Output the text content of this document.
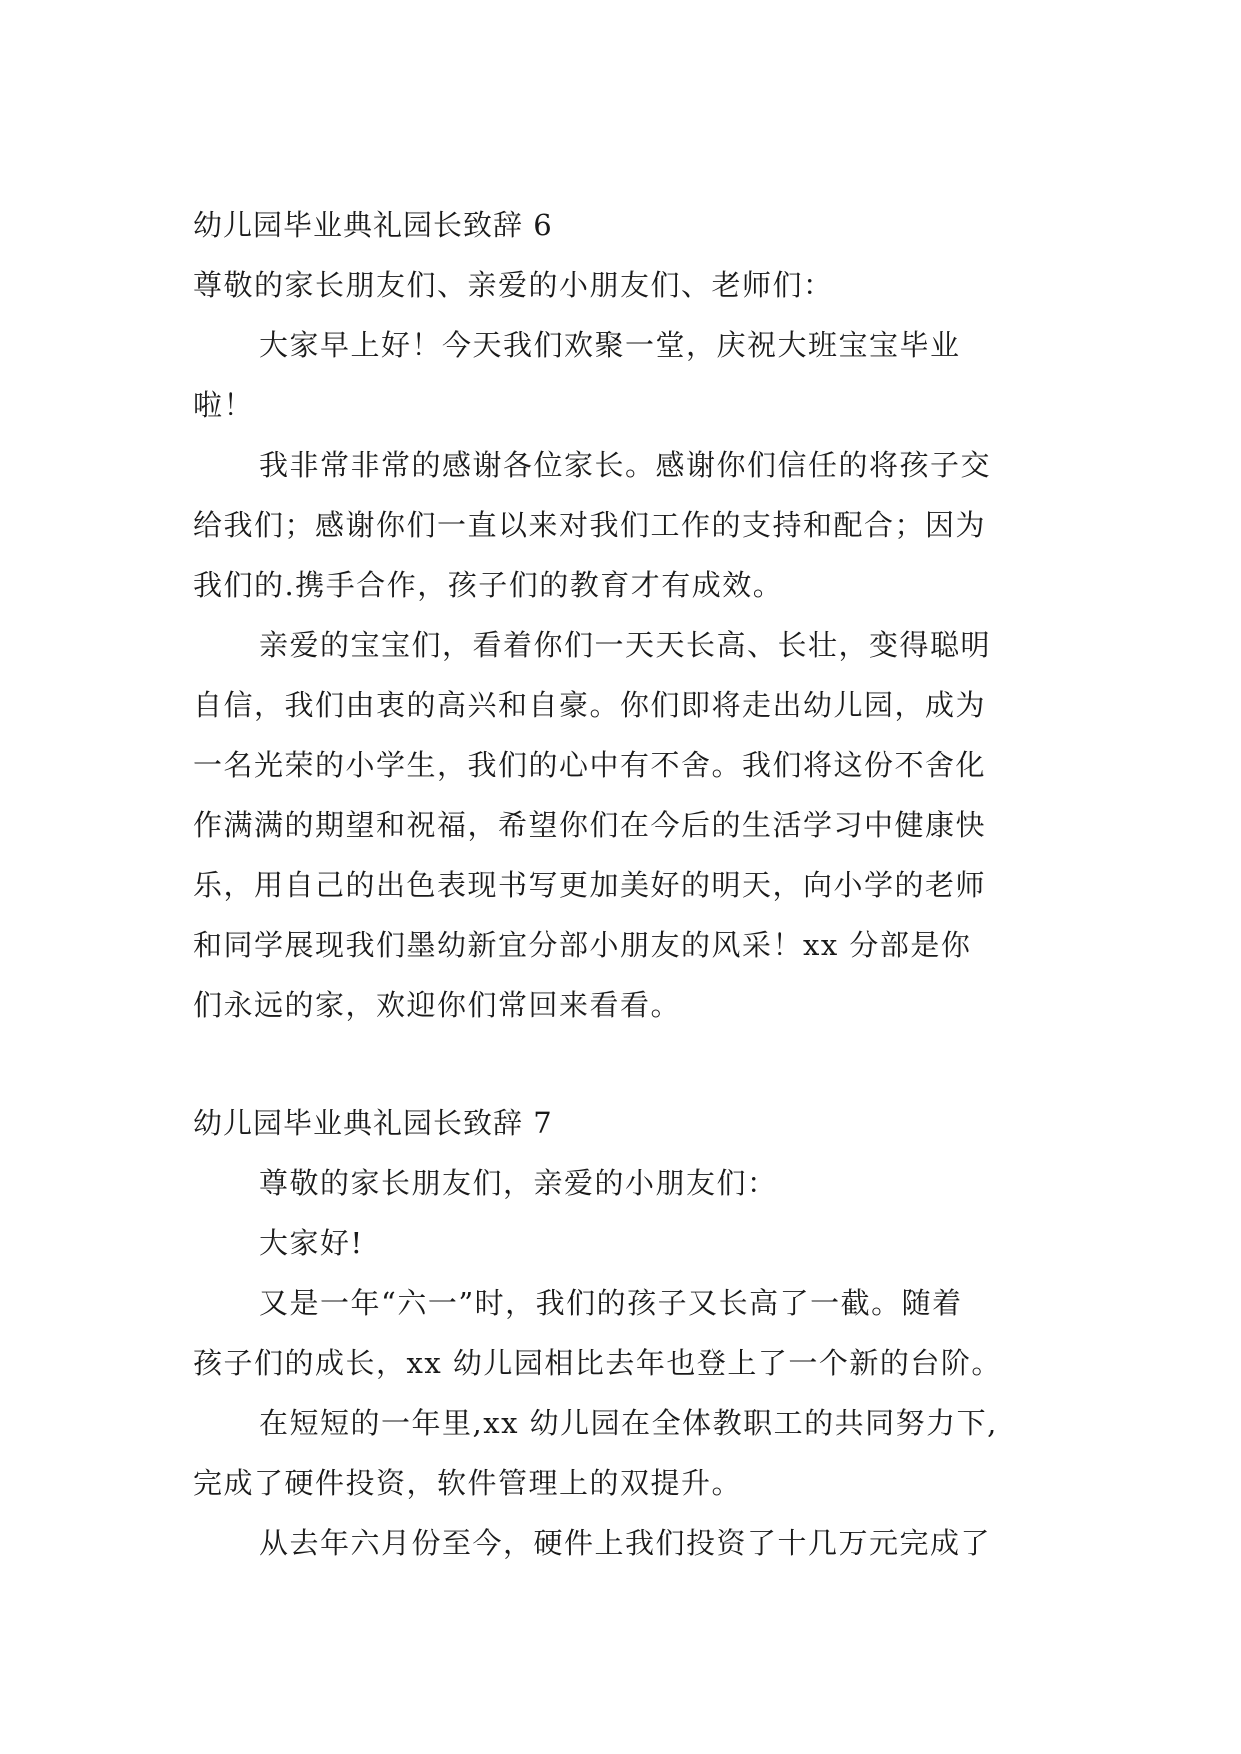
幼儿园毕业典礼园长致辞 6
尊敬的家长朋友们、亲爱的小朋友们、老师们：
大家早上好！今天我们欢聚一堂，庆祝大班宝宝毕业
啦！
我非常非常的感谢各位家长。感谢你们信任的将孩子交
给我们；感谢你们一直以来对我们工作的支持和配合；因为
我们的.携手合作，孩子们的教育才有成效。
亲爱的宝宝们，看着你们一天天长高、长壮，变得聪明
自信，我们由衷的高兴和自豪。你们即将走出幼儿园，成为
一名光荣的小学生，我们的心中有不舍。我们将这份不舍化
作满满的期望和祝福，希望你们在今后的生活学习中健康快
乐，用自己的出色表现书写更加美好的明天，向小学的老师
和同学展现我们墨幼新宜分部小朋友的风采！xx 分部是你
们永远的家，欢迎你们常回来看看。
幼儿园毕业典礼园长致辞 7
尊敬的家长朋友们，亲爱的小朋友们：
大家好!
又是一年“六一”时，我们的孩子又长高了一截。随着
孩子们的成长，xx 幼儿园相比去年也登上了一个新的台阶。
在短短的一年里,xx 幼儿园在全体教职工的共同努力下,
完成了硬件投资，软件管理上的双提升。
从去年六月份至今，硬件上我们投资了十几万元完成了
